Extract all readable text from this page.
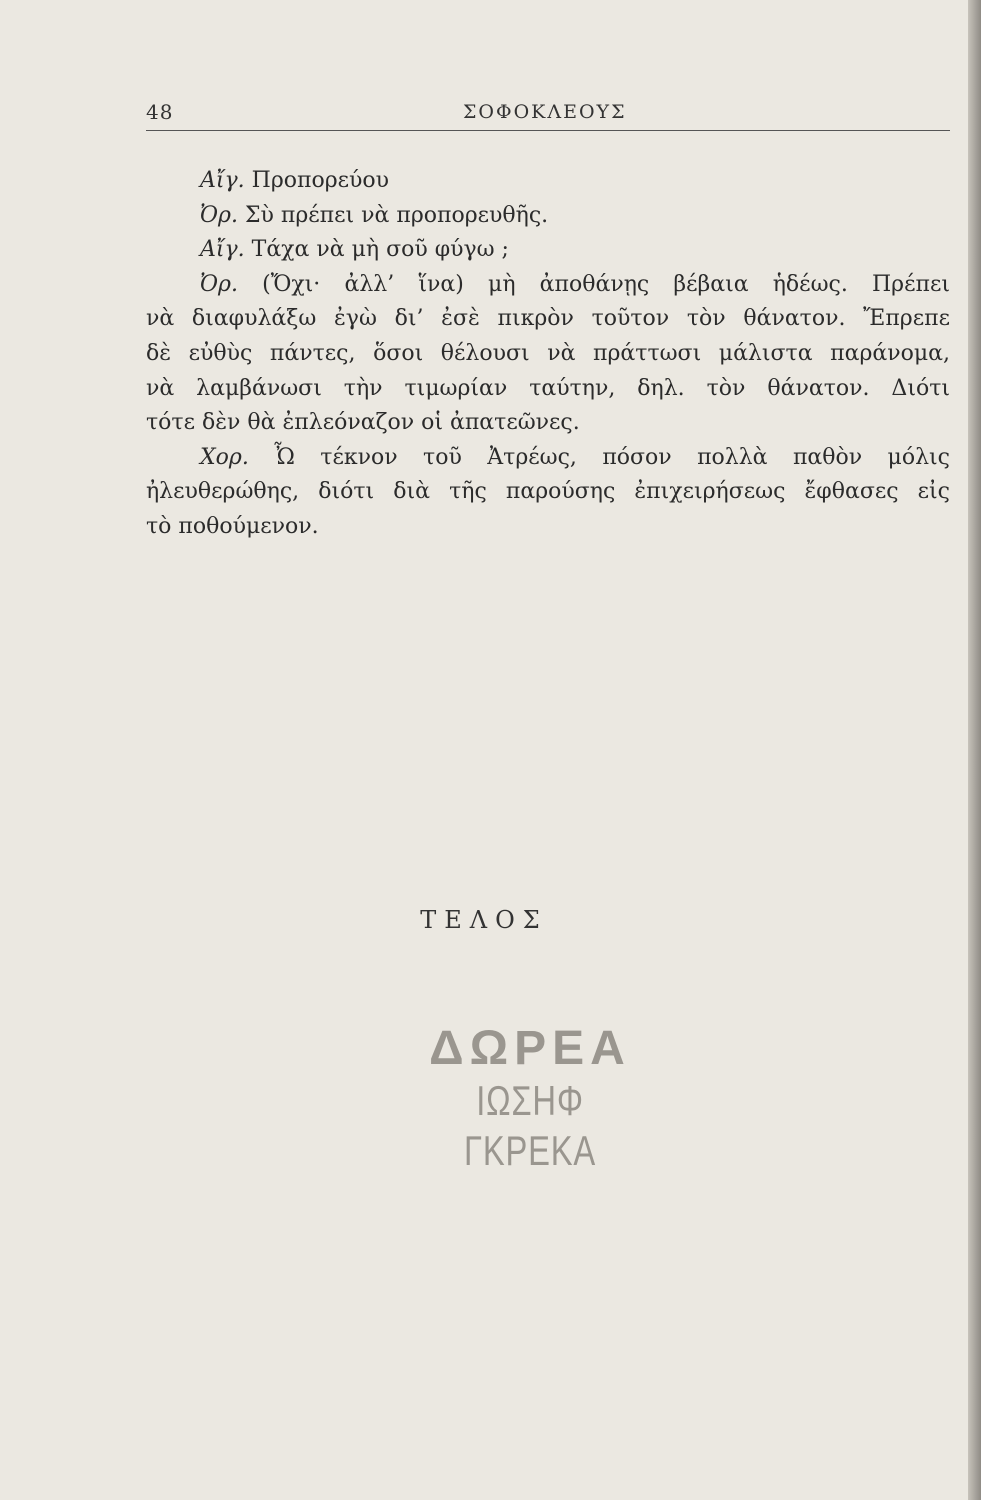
48	ΣΟΦΟΚΛΕΟΥΣ
Αἴγ. Προπορεύου
Ὀρ. Σὺ πρέπει νὰ προπορευθῆς.
Αἴγ. Τάχα νὰ μὴ σοῦ φύγω ;
Ὀρ. (Ὄχι· ἀλλ’ ἵνα) μὴ ἀποθάνῃς βέβαια ἡδέως. Πρέπει
νὰ διαφυλάξω ἐγὼ δι’ ἐσὲ πικρὸν τοῦτον τὸν θάνατον. Ἔπρεπε
δὲ εὐθὺς πάντες, ὅσοι θέλουσι νὰ πράττωσι μάλιστα παράνομα,
νὰ λαμβάνωσι τὴν τιμωρίαν ταύτην, δηλ. τὸν θάνατον. Διότι
τότε δὲν θὰ ἐπλεόναζον οἱ ἀπατεῶνες.
Χορ. Ὦ τέκνον τοῦ Ἀτρέως, πόσον πολλὰ παθὸν μόλις
ἠλευθερώθης, διότι διὰ τῆς παρούσης ἐπιχειρήσεως ἔφθασες εἰς
τὸ ποθούμενον.
ΤΕΛΟΣ
ΔΩΡΕΑ
ΙΩΣΗΦ ΓΚΡΕΚΑ
